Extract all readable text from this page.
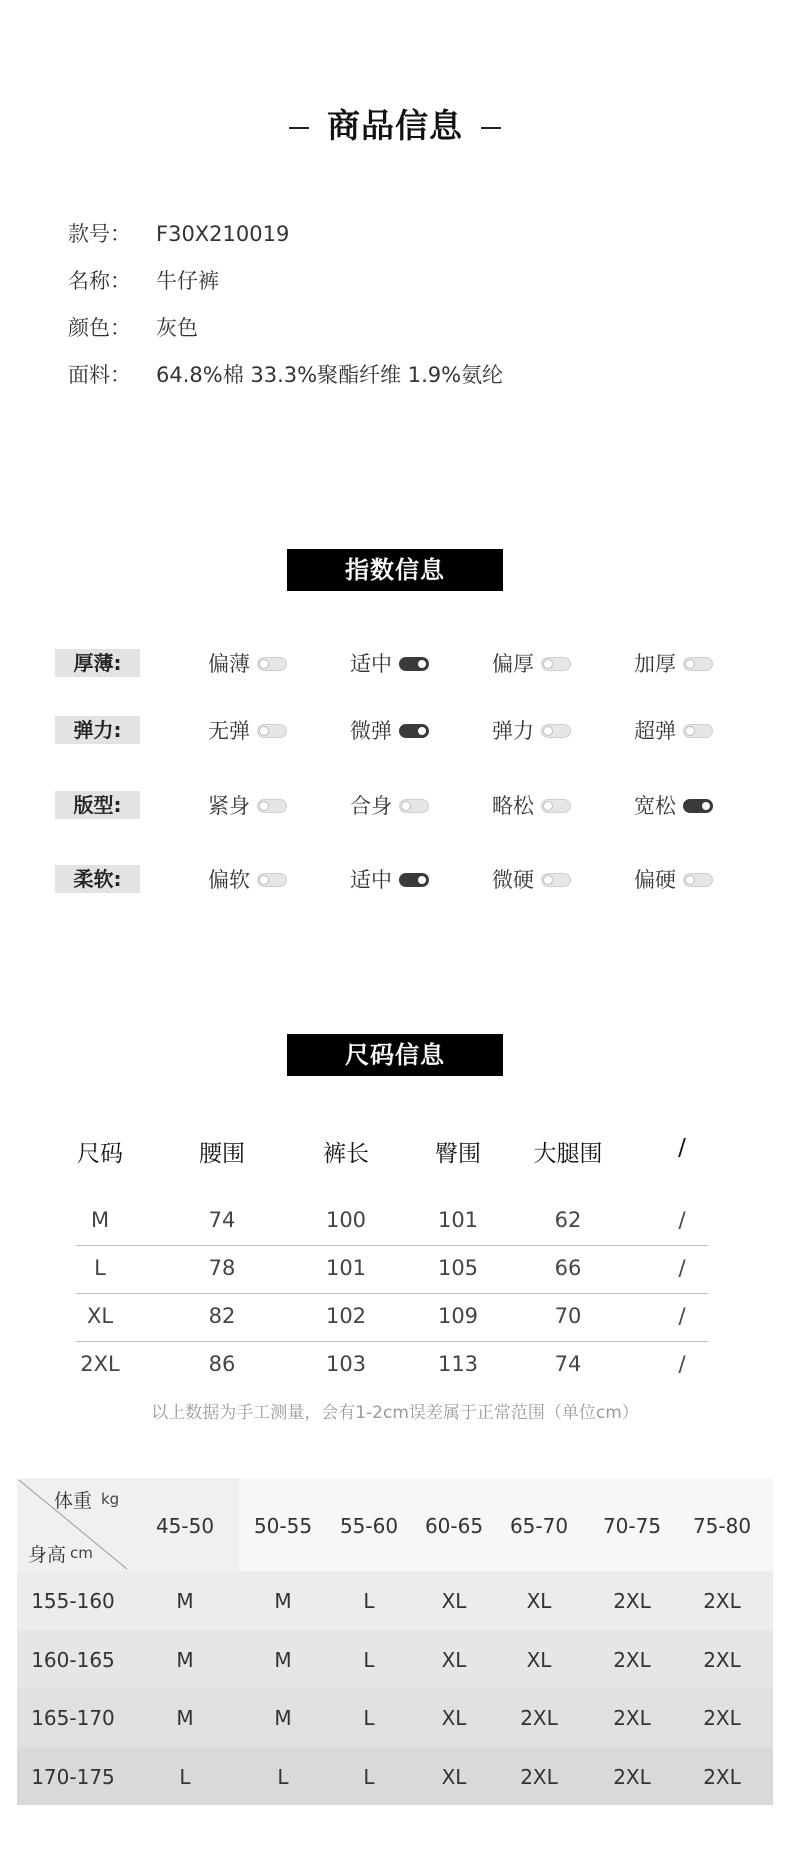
商品信息
款号： F30X210019
名称： 牛仔裤
颜色： 灰色
面料： 64.8%棉 33.3%聚酯纤维 1.9%氨纶
指数信息
厚薄:	偏薄	适中	偏厚	加厚
弹力:	无弹	微弹	弹力	超弹
版型:	紧身	合身	略松	宽松
柔软:	偏软	适中	微硬	偏硬
尺码信息
尺码	腰围	裤长	臀围	大腿围	/
M	74	100	101	62	/
L	78	101	105	66	/
XL	82	102	109	70	/
2XL	86	103	113	74	/
以上数据为手工测量，会有1-2cm误差属于正常范围（单位cm）
体重 kg
身高 cm
45-50	50-55	55-60	60-65	65-70	70-75	75-80
155-160	M	M	L	XL	XL	2XL	2XL
160-165	M	M	L	XL	XL	2XL	2XL
165-170	M	M	L	XL	2XL	2XL	2XL
170-175	L	L	L	XL	2XL	2XL	2XL
